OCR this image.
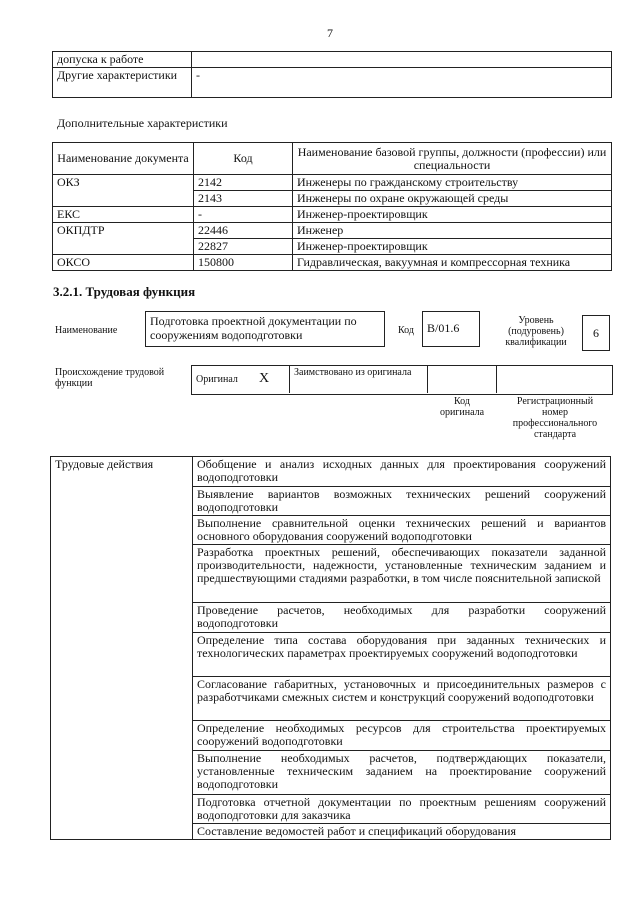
7
допуска к работе	
Другие характеристики	-
Дополнительные характеристики
Наименование документа	Код	Наименование базовой группы, должности (профессии) или специальности
ОКЗ	2142	Инженеры по гражданскому строительству
	2143	Инженеры по охране окружающей среды
ЕКС	-	Инженер-проектировщик
ОКПДТР	22446	Инженер
	22827	Инженер-проектировщик
ОКСО	150800	Гидравлическая, вакуумная и компрессорная техника
3.2.1. Трудовая функция
Наименование
Подготовка проектной документации по сооружениям водоподготовки	Код	B/01.6
Уровень (подуровень) квалификации
6
Происхождение трудовой функции	Оригинал X Заимствовано из оригинала
Код оригинала
Регистрационный номер профессионального стандарта
Трудовые действия	Обобщение и анализ исходных данных для проектирования сооружений водоподготовки
Выявление вариантов возможных технических решений сооружений водоподготовки
Выполнение сравнительной оценки технических решений и вариантов основного оборудования сооружений водоподготовки
Разработка проектных решений, обеспечивающих показатели заданной производительности, надежности, установленные техническим заданием и предшествующими стадиями разработки, в том числе пояснительной запиской
Проведение расчетов, необходимых для разработки сооружений водоподготовки
Определение типа состава оборудования при заданных технических и технологических параметрах проектируемых сооружений водоподготовки
Согласование габаритных, установочных и присоединительных размеров с разработчиками смежных систем и конструкций сооружений водоподготовки
Определение необходимых ресурсов для строительства проектируемых сооружений водоподготовки
Выполнение необходимых расчетов, подтверждающих показатели, установленные техническим заданием на проектирование сооружений водоподготовки
Подготовка отчетной документации по проектным решениям сооружений водоподготовки для заказчика
Составление ведомостей работ и спецификаций оборудования
